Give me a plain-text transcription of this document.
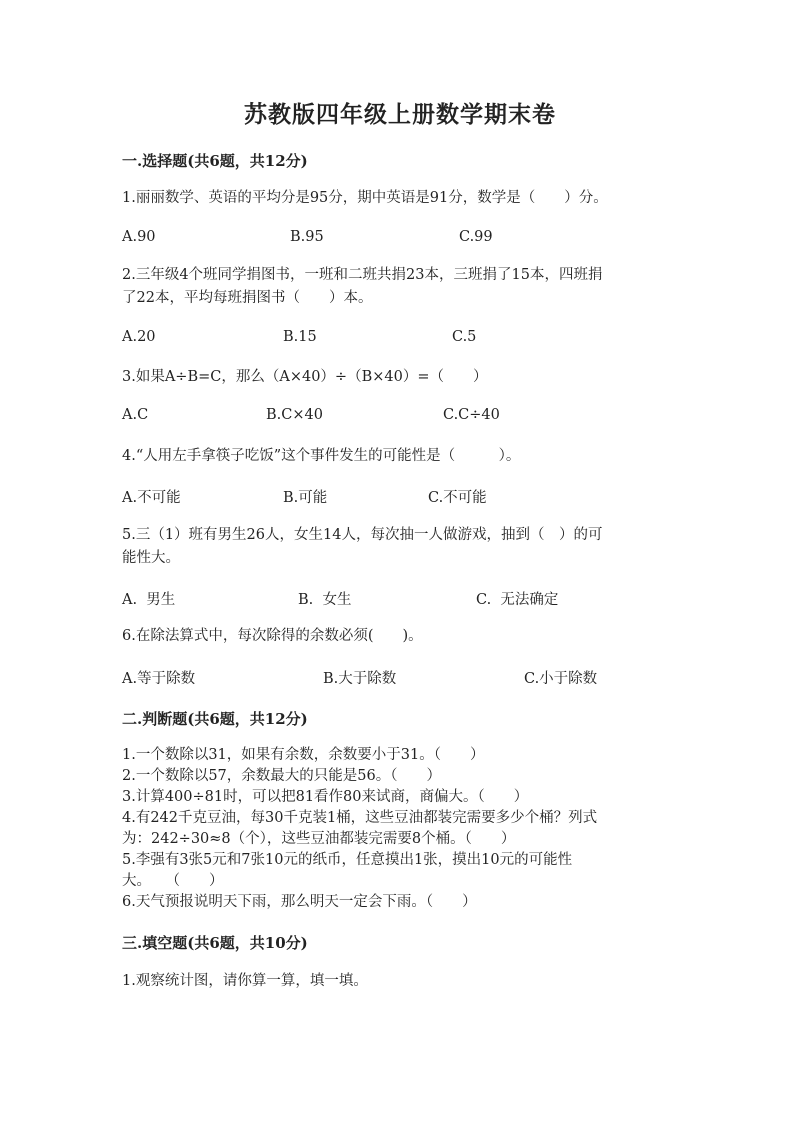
苏教版四年级上册数学期末卷
一.选择题(共6题，共12分)
1.丽丽数学、英语的平均分是95分，期中英语是91分，数学是（　　）分。
A.90	B.95	C.99
2.三年级4个班同学捐图书，一班和二班共捐23本，三班捐了15本，四班捐
了22本，平均每班捐图书（　　）本。
A.20	B.15	C.5
3.如果A÷B=C，那么（A×40）÷（B×40）=（　　）
A.C	B.C×40	C.C÷40
4.“人用左手拿筷子吃饭”这个事件发生的可能性是（　　　）。
A.不可能	B.可能	C.不可能
5.三（1）班有男生26人，女生14人，每次抽一人做游戏，抽到（　）的可
能性大。
A.  男生	B.  女生	C.  无法确定
6.在除法算式中，每次除得的余数必须(　　)。
A.等于除数	B.大于除数	C.小于除数
二.判断题(共6题，共12分)
1.一个数除以31，如果有余数，余数要小于31。（　　）
2.一个数除以57，余数最大的只能是56。（　　）
3.计算400÷81时，可以把81看作80来试商，商偏大。（　　）
4.有242千克豆油，每30千克装1桶，这些豆油都装完需要多少个桶？列式
为：242÷30≈8（个），这些豆油都装完需要8个桶。（　　）
5.李强有3张5元和7张10元的纸币，任意摸出1张，摸出10元的可能性
大。　　（　　）
6.天气预报说明天下雨，那么明天一定会下雨。（　　）
三.填空题(共6题，共10分)
1.观察统计图，请你算一算，填一填。
